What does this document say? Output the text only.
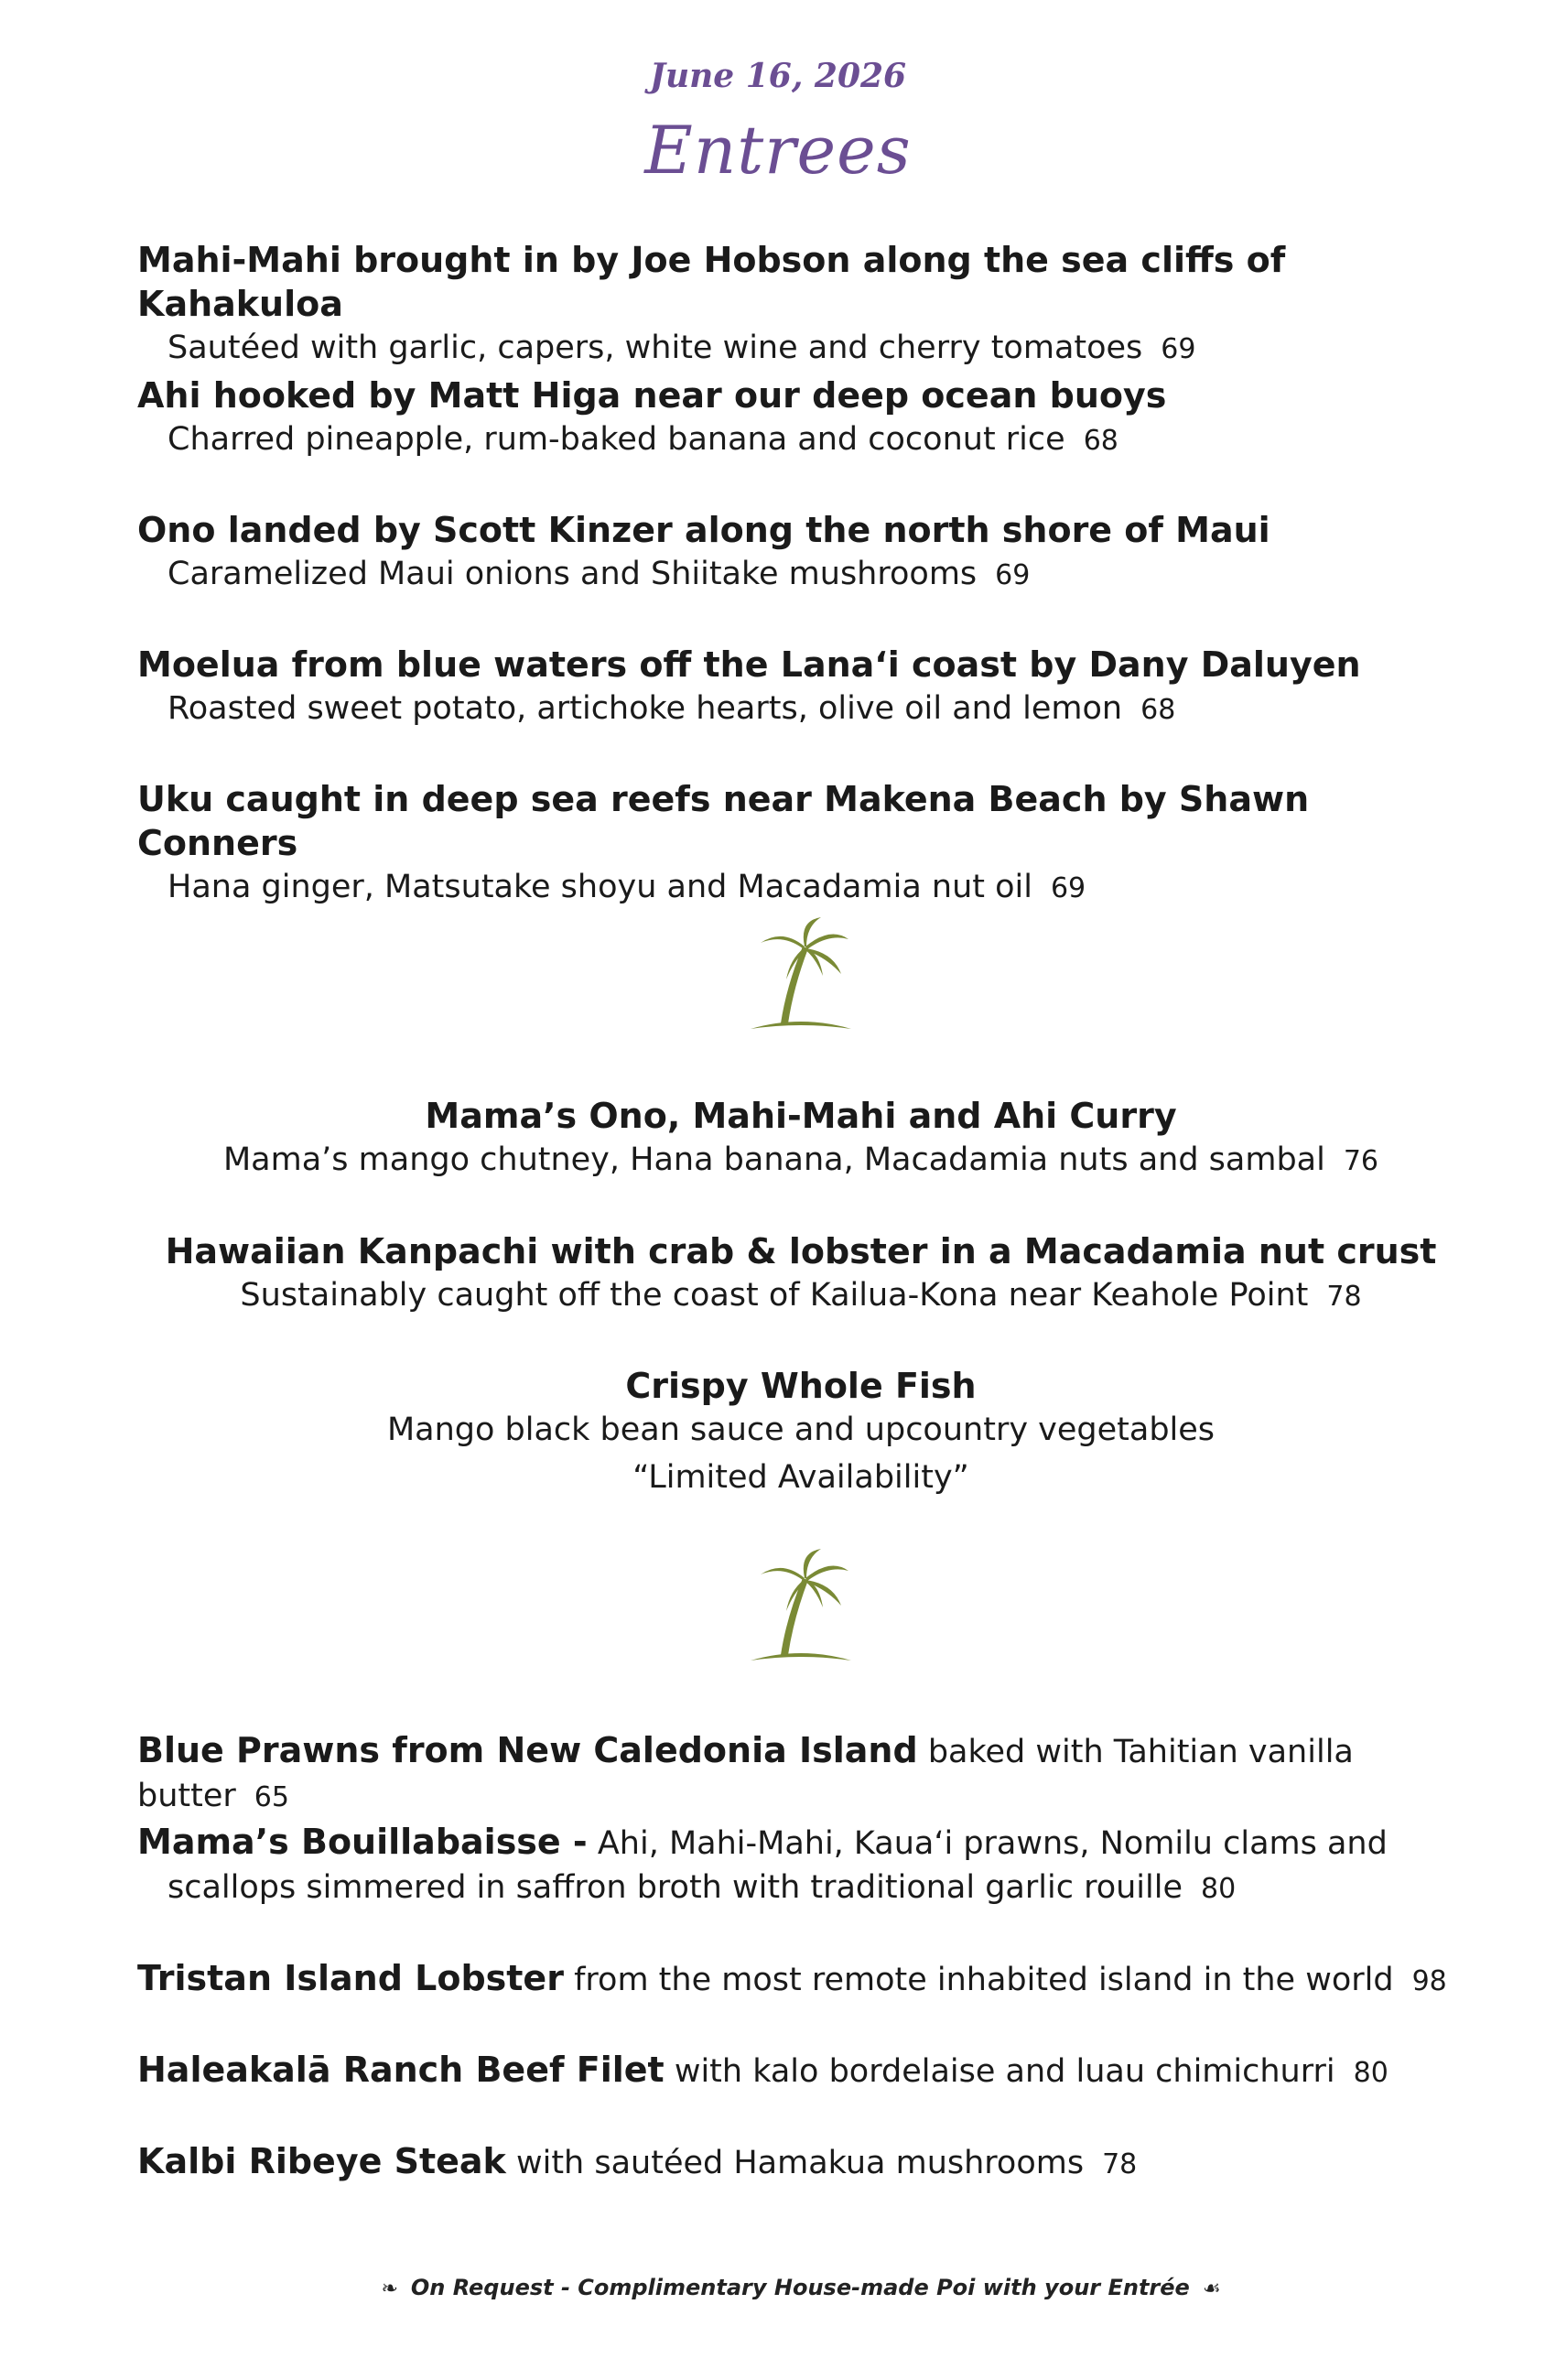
June 16, 2026
Entrees
Mahi-Mahi brought in by Joe Hobson along the sea cliffs of Kahakuloa
Sautéed with garlic, capers, white wine and cherry tomatoes 69
Ahi hooked by Matt Higa near our deep ocean buoys
Charred pineapple, rum-baked banana and coconut rice 68
Ono landed by Scott Kinzer along the north shore of Maui
Caramelized Maui onions and Shiitake mushrooms 69
Moelua from blue waters off the Lana‘i coast by Dany Daluyen
Roasted sweet potato, artichoke hearts, olive oil and lemon 68
Uku caught in deep sea reefs near Makena Beach by Shawn Conners
Hana ginger, Matsutake shoyu and Macadamia nut oil 69
Mama’s Ono, Mahi-Mahi and Ahi Curry
Mama’s mango chutney, Hana banana, Macadamia nuts and sambal 76
Hawaiian Kanpachi with crab & lobster in a Macadamia nut crust
Sustainably caught off the coast of Kailua-Kona near Keahole Point 78
Crispy Whole Fish
Mango black bean sauce and upcountry vegetables
“Limited Availability”
Blue Prawns from New Caledonia Island baked with Tahitian vanilla butter 65
Mama’s Bouillabaisse - Ahi, Mahi-Mahi, Kaua‘i prawns, Nomilu clams and
scallops simmered in saffron broth with traditional garlic rouille 80
Tristan Island Lobster from the most remote inhabited island in the world 98
Haleakalā Ranch Beef Filet with kalo bordelaise and luau chimichurri 80
Kalbi Ribeye Steak with sautéed Hamakua mushrooms 78
❧ On Request - Complimentary House-made Poi with your Entrée ☙
